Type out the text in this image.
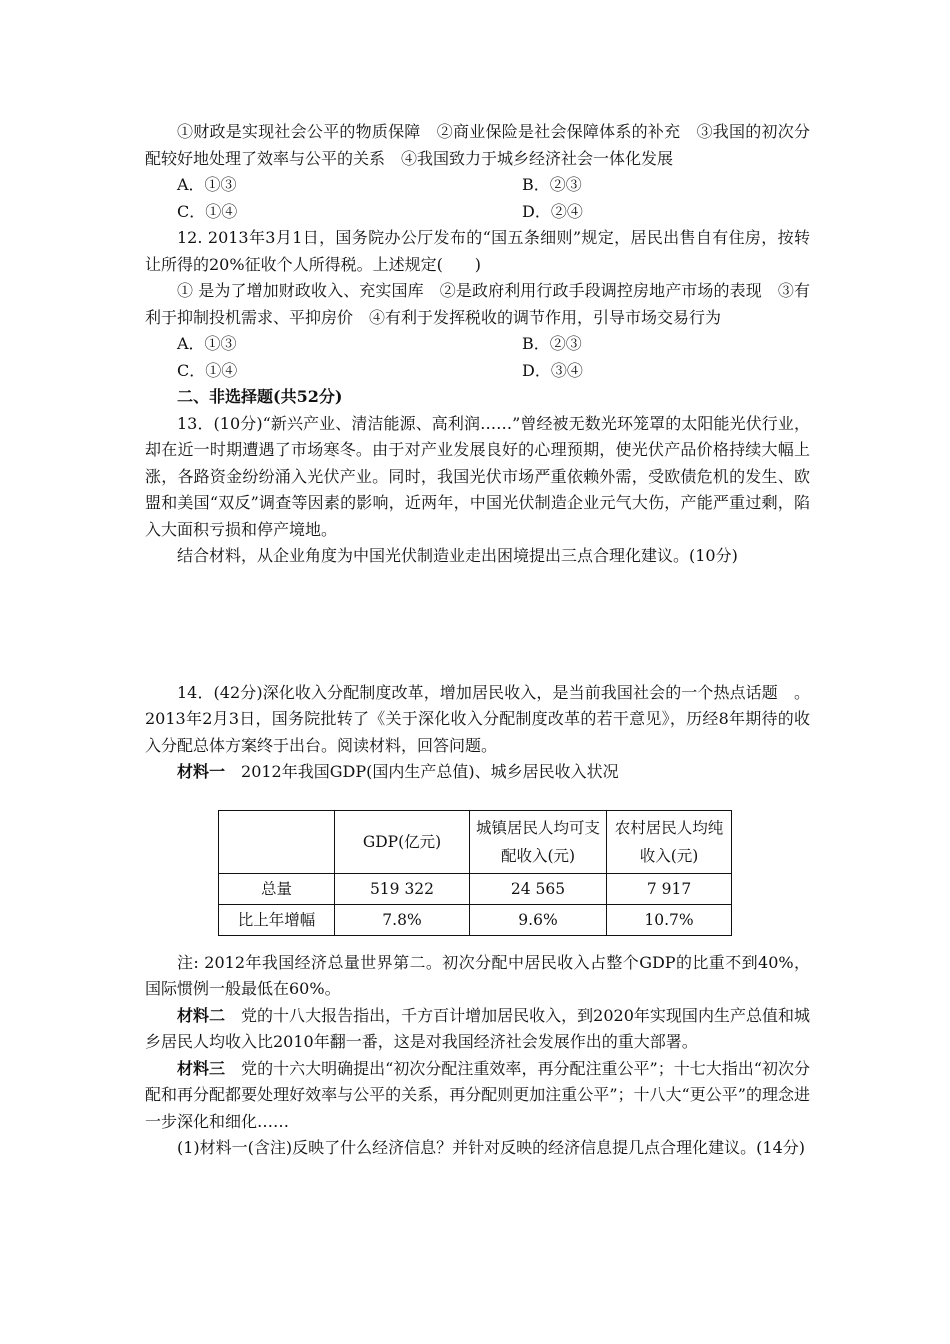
①财政是实现社会公平的物质保障　②商业保险是社会保障体系的补充　③我国的初次分配较好地处理了效率与公平的关系　④我国致力于城乡经济社会一体化发展

A．①③	B．②③
C．①④	D．②④

12. 2013年3月1日，国务院办公厅发布的“国五条细则”规定，居民出售自有住房，按转让所得的20%征收个人所得税。上述规定(　　)

① 是为了增加财政收入、充实国库　②是政府利用行政手段调控房地产市场的表现　③有利于抑制投机需求、平抑房价　④有利于发挥税收的调节作用，引导市场交易行为

A．①③	B．②③
C．①④	D．③④

二、非选择题(共52分)

13．(10分)“新兴产业、清洁能源、高利润……”曾经被无数光环笼罩的太阳能光伏行业，却在近一时期遭遇了市场寒冬。由于对产业发展良好的心理预期，使光伏产品价格持续大幅上涨，各路资金纷纷涌入光伏产业。同时，我国光伏市场严重依赖外需，受欧债危机的发生、欧盟和美国“双反”调查等因素的影响，近两年，中国光伏制造企业元气大伤，产能严重过剩，陷入大面积亏损和停产境地。

结合材料，从企业角度为中国光伏制造业走出困境提出三点合理化建议。(10分)

14．(42分)深化收入分配制度改革，增加居民收入，是当前我国社会的一个热点话题　。2013年2月3日，国务院批转了《关于深化收入分配制度改革的若干意见》，历经8年期待的收入分配总体方案终于出台。阅读材料，回答问题。

材料一　2012年我国GDP(国内生产总值)、城乡居民收入状况

	GDP(亿元)	城镇居民人均可支配收入(元)	农村居民人均纯收入(元)
总量	519 322	24 565	7 917
比上年增幅	7.8%	9.6%	10.7%

注: 2012年我国经济总量世界第二。初次分配中居民收入占整个GDP的比重不到40%，国际惯例一般最低在60%。

材料二　党的十八大报告指出，千方百计增加居民收入，到2020年实现国内生产总值和城乡居民人均收入比2010年翻一番，这是对我国经济社会发展作出的重大部署。

材料三　党的十六大明确提出“初次分配注重效率，再分配注重公平”；十七大指出“初次分配和再分配都要处理好效率与公平的关系，再分配则更加注重公平”；十八大“更公平”的理念进一步深化和细化……

(1)材料一(含注)反映了什么经济信息？并针对反映的经济信息提几点合理化建议。(14分)
